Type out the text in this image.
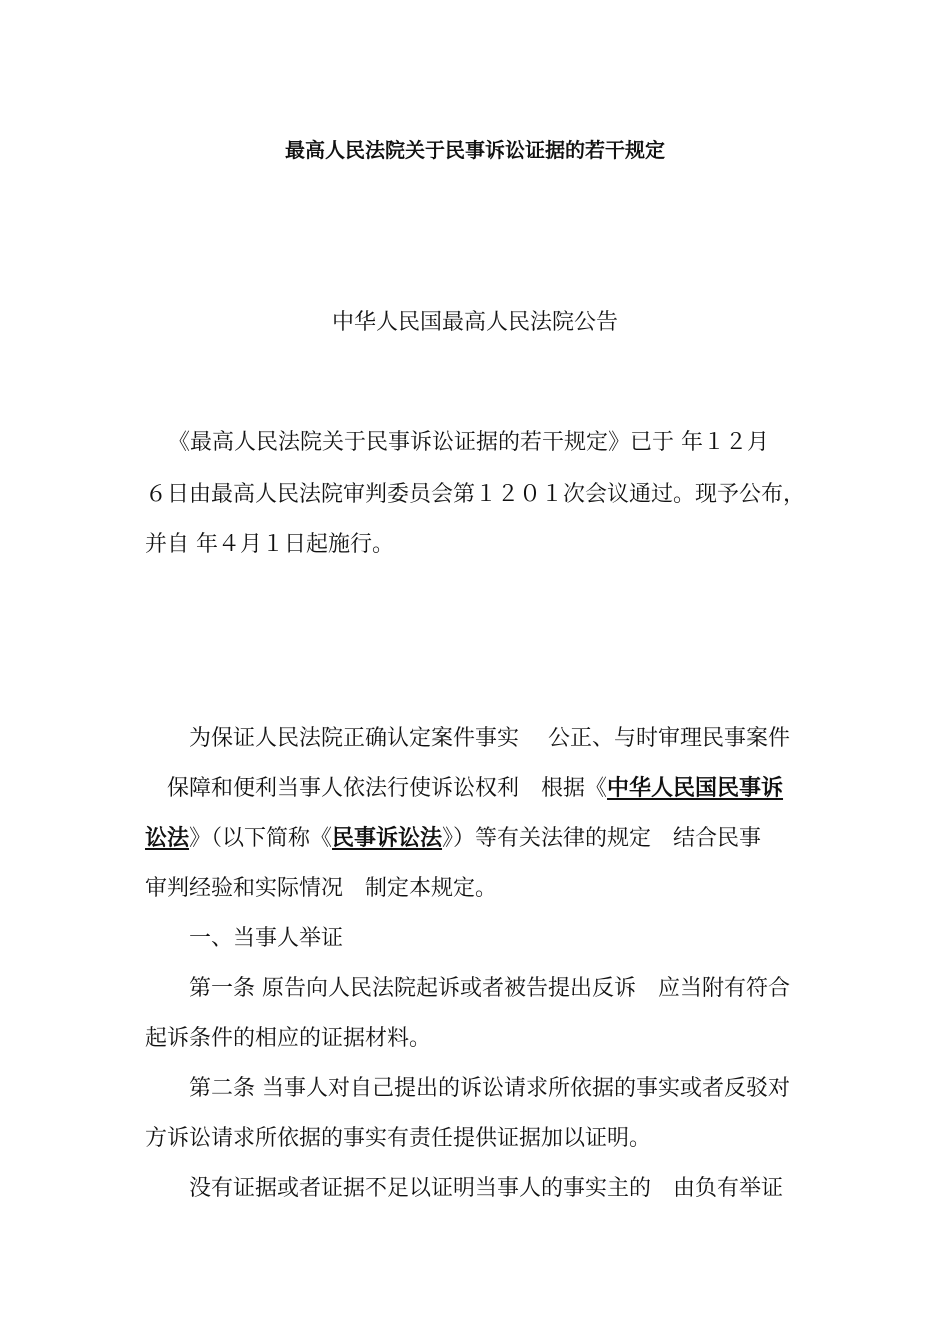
最高人民法院关于民事诉讼证据的若干规定
中华人民国最高人民法院公告
《最高人民法院关于民事诉讼证据的若干规定》已于 年１２月
６日由最高人民法院审判委员会第１２０１次会议通过。现予公布，
并自 年４月１日起施行。
为保证人民法院正确认定案件事实　 公正、与时审理民事案件
　保障和便利当事人依法行使诉讼权利　根据《中华人民国民事诉
讼法》（以下简称《民事诉讼法》）等有关法律的规定　结合民事
审判经验和实际情况　制定本规定。
一、当事人举证
第一条 原告向人民法院起诉或者被告提出反诉　应当附有符合
起诉条件的相应的证据材料。
第二条 当事人对自己提出的诉讼请求所依据的事实或者反驳对
方诉讼请求所依据的事实有责任提供证据加以证明。
没有证据或者证据不足以证明当事人的事实主的　由负有举证
